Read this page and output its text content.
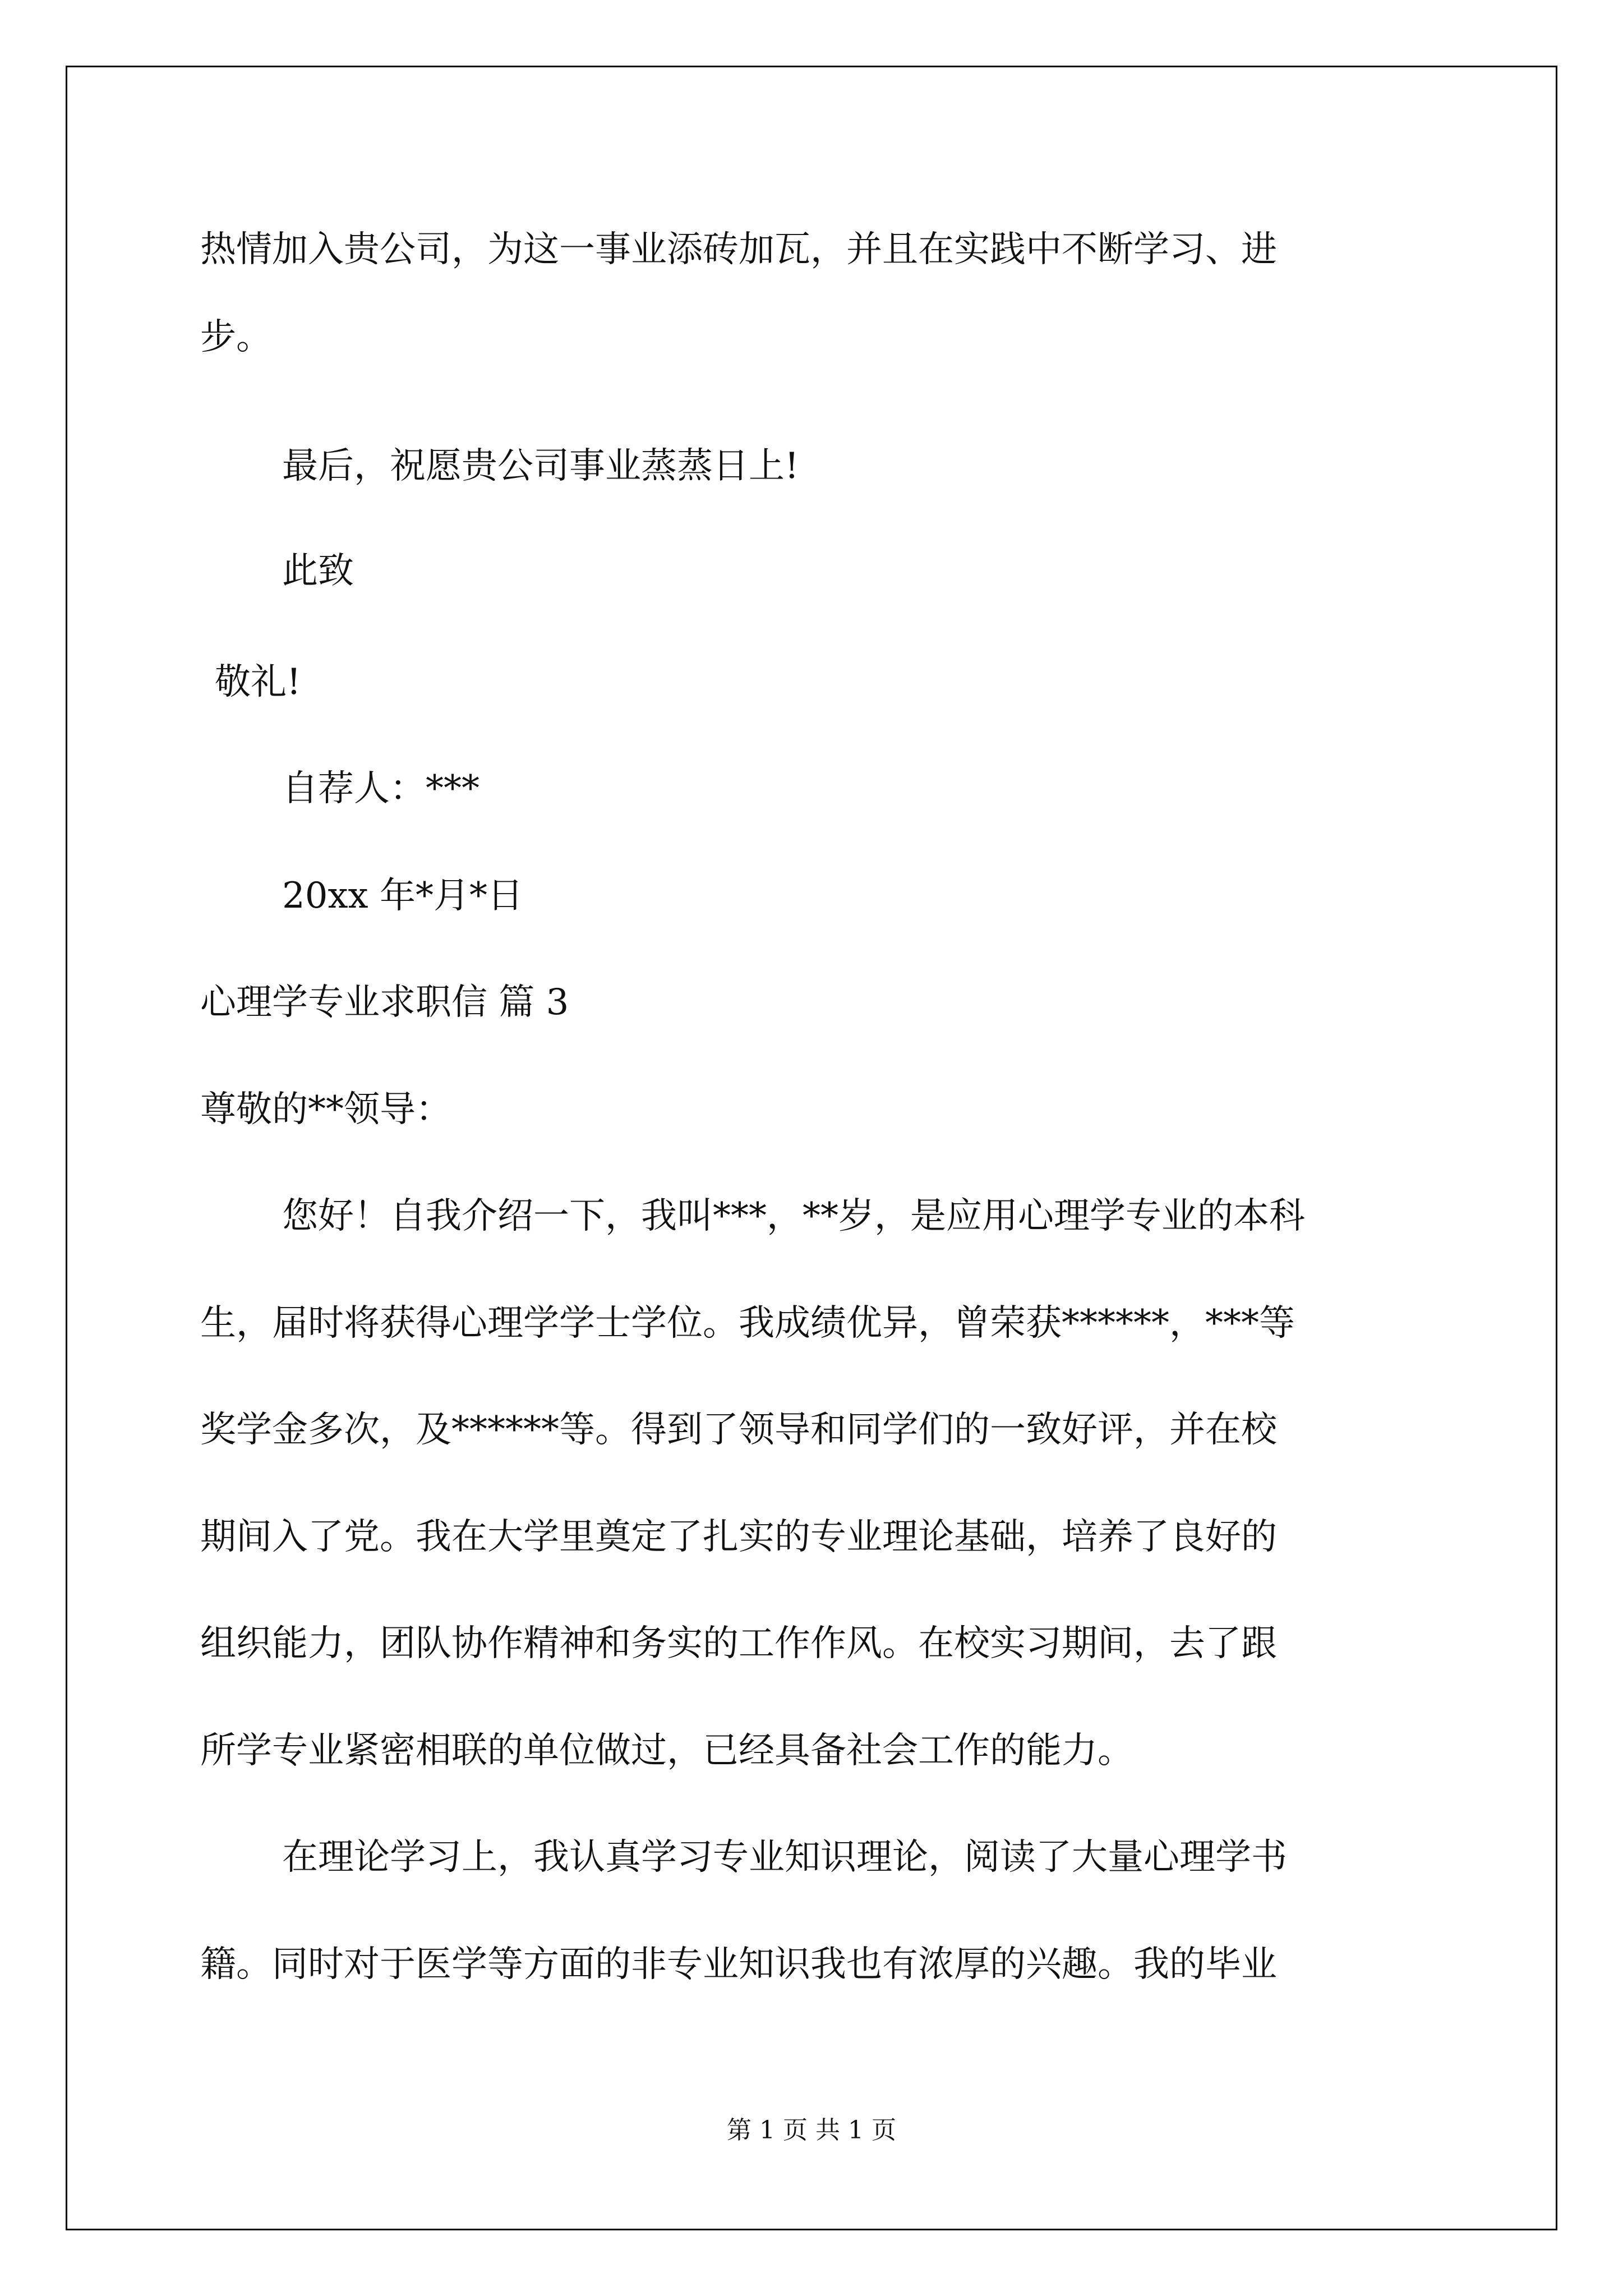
热情加入贵公司，为这一事业添砖加瓦，并且在实践中不断学习、进
步。
最后，祝愿贵公司事业蒸蒸日上!
此致
敬礼!
自荐人：***
20xx 年*月*日
心理学专业求职信 篇 3
尊敬的**领导：
您好！自我介绍一下，我叫***，**岁，是应用心理学专业的本科
生，届时将获得心理学学士学位。我成绩优异，曾荣获******，***等
奖学金多次，及******等。得到了领导和同学们的一致好评，并在校
期间入了党。我在大学里奠定了扎实的专业理论基础，培养了良好的
组织能力，团队协作精神和务实的工作作风。在校实习期间，去了跟
所学专业紧密相联的单位做过，已经具备社会工作的能力。
在理论学习上，我认真学习专业知识理论，阅读了大量心理学书
籍。同时对于医学等方面的非专业知识我也有浓厚的兴趣。我的毕业
第 1 页 共 1 页
